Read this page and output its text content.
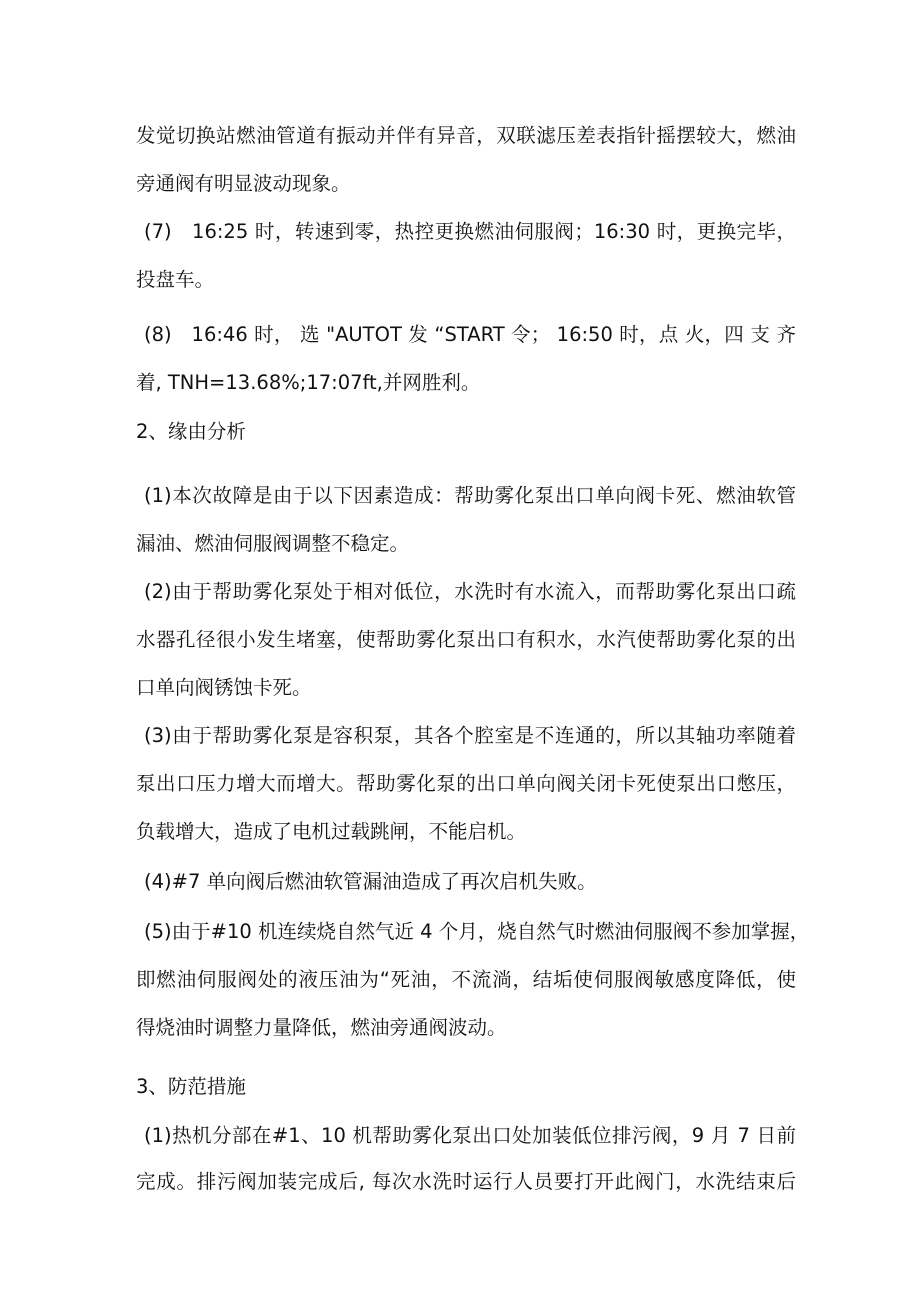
发觉切换站燃油管道有振动并伴有异音，双联滤压差表指针摇摆较大，燃油
旁通阀有明显波动现象。
(7)　16:25 时，转速到零，热控更换燃油伺服阀；16:30 时，更换完毕，
投盘车。
(8)　16:46 时， 选 "AUTOT 发 “START 令； 16:50 时，点 火，四 支 齐
着, TNH=13.68%;17:07ft,并网胜利。
2、缘由分析
(1)本次故障是由于以下因素造成：帮助雾化泵出口单向阀卡死、燃油软管
漏油、燃油伺服阀调整不稳定。
(2)由于帮助雾化泵处于相对低位，水洗时有水流入，而帮助雾化泵出口疏
水器孔径很小发生堵塞，使帮助雾化泵出口有积水，水汽使帮助雾化泵的出
口单向阀锈蚀卡死。
(3)由于帮助雾化泵是容积泵，其各个腔室是不连通的，所以其轴功率随着
泵出口压力增大而增大。帮助雾化泵的出口单向阀关闭卡死使泵出口憋压，
负载增大，造成了电机过载跳闸，不能启机。
(4)#7 单向阀后燃油软管漏油造成了再次启机失败。
(5)由于#10 机连续烧自然气近 4 个月，烧自然气时燃油伺服阀不参加掌握，
即燃油伺服阀处的液压油为“死油，不流淌，结垢使伺服阀敏感度降低，使
得烧油时调整力量降低，燃油旁通阀波动。
3、防范措施
(1)热机分部在#1、10 机帮助雾化泵出口处加装低位排污阀，9 月 7 日前
完成。排污阀加装完成后, 每次水洗时运行人员要打开此阀门，水洗结束后
